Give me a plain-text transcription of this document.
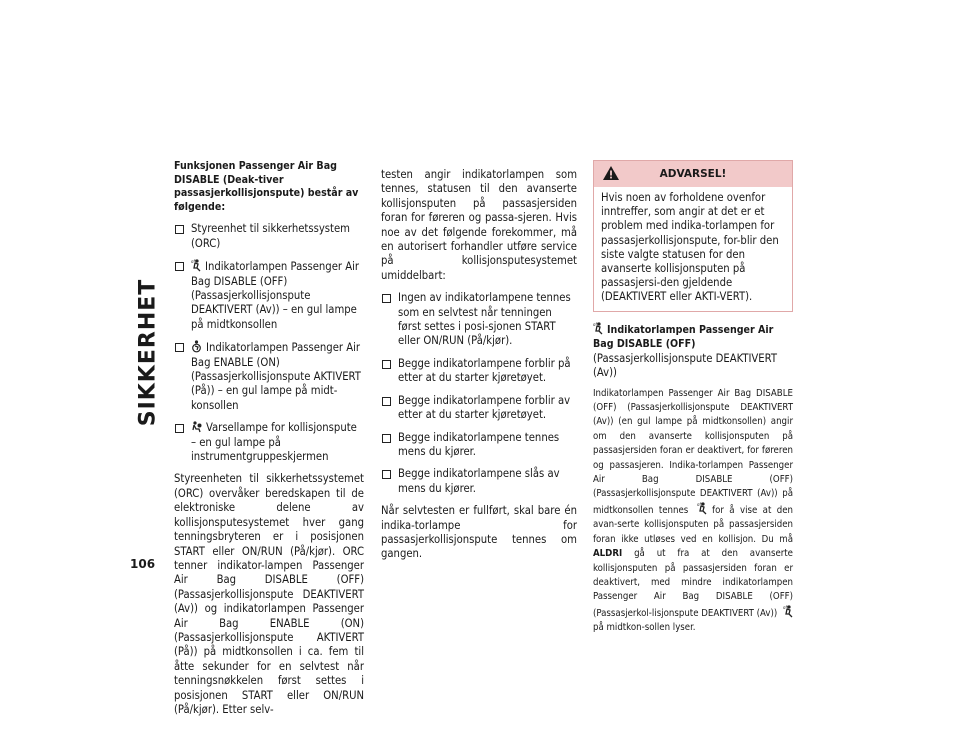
SIKKERHET
106

Funksjonen Passenger Air Bag DISABLE (Deak-tiver passasjerkollisjonspute) består av følgende:

Styreenhet til sikkerhetssystem (ORC)
off Indikatorlampen Passenger Air Bag DISABLE (OFF) (Passasjerkollisjonspute DEAKTIVERT (Av)) – en gul lampe på midtkonsollen
Indikatorlampen Passenger Air Bag ENABLE (ON) (Passasjerkollisjonspute AKTIVERT (På)) – en gul lampe på midt-konsollen
Varsellampe for kollisjonspute – en gul lampe på instrumentgruppeskjermen

Styreenheten til sikkerhetssystemet (ORC) overvåker beredskapen til de elektroniske delene av kollisjonsputesystemet hver gang tenningsbryteren er i posisjonen START eller ON/RUN (På/kjør). ORC tenner indikator-lampen Passenger Air Bag DISABLE (OFF) (Passasjerkollisjonspute DEAKTIVERT (Av)) og indikatorlampen Passenger Air Bag ENABLE (ON) (Passasjerkollisjonspute AKTIVERT (På)) på midtkonsollen i ca. fem til åtte sekunder for en selvtest når tenningsnøkkelen først settes i posisjonen START eller ON/RUN (På/kjør). Etter selv-

testen angir indikatorlampen som tennes, statusen til den avanserte kollisjonsputen på passasjersiden foran for føreren og passa-sjeren. Hvis noe av det følgende forekommer, må en autorisert forhandler utføre service på kollisjonsputesystemet umiddelbart:

Ingen av indikatorlampene tennes som en selvtest når tenningen først settes i posi-sjonen START eller ON/RUN (På/kjør).
Begge indikatorlampene forblir på etter at du starter kjøretøyet.
Begge indikatorlampene forblir av etter at du starter kjøretøyet.
Begge indikatorlampene tennes mens du kjører.
Begge indikatorlampene slås av mens du kjører.

Når selvtesten er fullført, skal bare én indika-torlampe for passasjerkollisjonspute tennes om gangen.

ADVARSEL!
Hvis noen av forholdene ovenfor inntreffer, som angir at det er et problem med indika-torlampen for passasjerkollisjonspute, for-blir den siste valgte statusen for den avanserte kollisjonsputen på passasjersi-den gjeldende (DEAKTIVERT eller AKTI-VERT).

off Indikatorlampen Passenger Air Bag DISABLE (OFF) (Passasjerkollisjonspute DEAKTIVERT (Av))

Indikatorlampen Passenger Air Bag DISABLE (OFF) (Passasjerkollisjonspute DEAKTIVERT (Av)) (en gul lampe på midtkonsollen) angir om den avanserte kollisjonsputen på passasjersiden foran er deaktivert, for føreren og passasjeren. Indika-torlampen Passenger Air Bag DISABLE (OFF) (Passasjerkollisjonspute DEAKTIVERT (Av)) på midtkonsollen tennes
off
for å vise at den avan-serte kollisjonsputen på passasjersiden foran ikke utløses ved en kollisjon. Du må ALDRI gå ut fra at den avanserte kollisjonsputen på passasjersiden foran er deaktivert, med mindre indikatorlampen Passenger Air Bag DISABLE (OFF) (Passasjerkol-lisjonspute DEAKTIVERT (Av))
off
på midtkon-sollen lyser.
